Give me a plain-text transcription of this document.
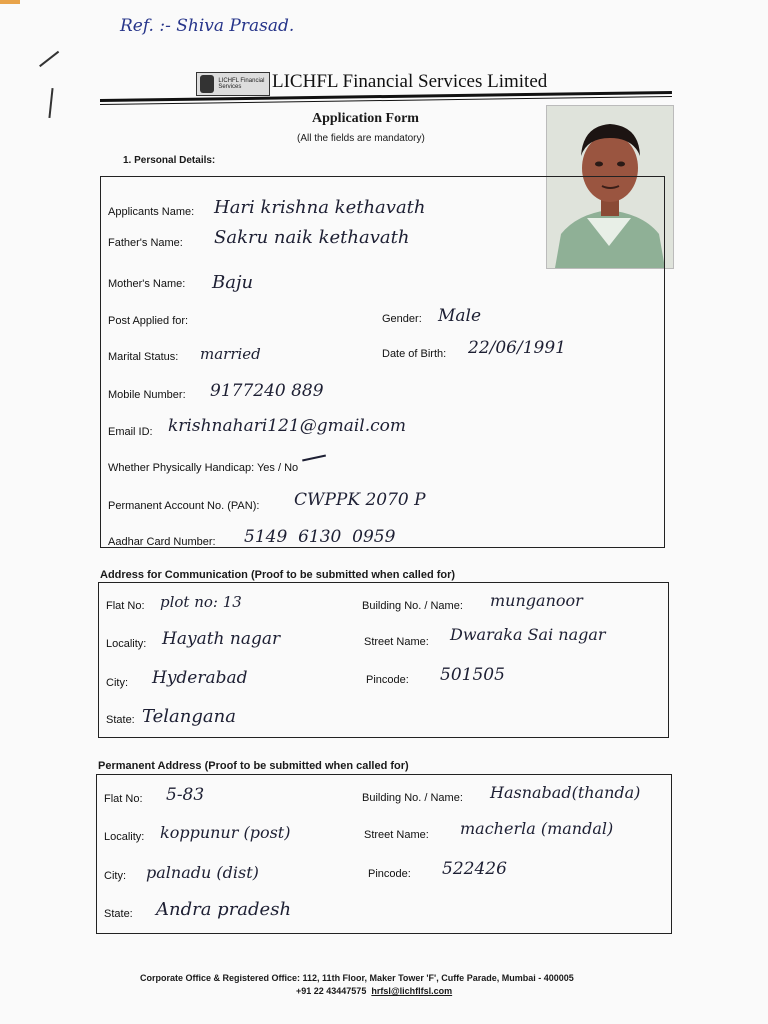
Ref. :- Shiva Prasad.
LICHFL Financial Services	LICHFL Financial Services Limited
Application Form
(All the fields are mandatory)
1. Personal Details:
Applicants Name: Hari krishna kethavath
Father's Name: Sakru naik kethavath
Mother's Name: Baju
Post Applied for:	Gender: Male
Marital Status: married	Date of Birth: 22/06/1991
Mobile Number: 9177240 889
Email ID: krishnahari121@gmail.com
Whether Physically Handicap: Yes / No
Permanent Account No. (PAN): CWPPK 2070 P
Aadhar Card Number: 5149  6130  0959
Address for Communication (Proof to be submitted when called for)
Flat No: plot no: 13	Building No. / Name: munganoor
Locality: Hayath nagar	Street Name: Dwaraka Sai nagar
City: Hyderabad	Pincode: 501505
State: Telangana
Permanent Address (Proof to be submitted when called for)
Flat No: 5-83	Building No. / Name: Hasnabad(thanda)
Locality: koppunur (post)	Street Name: macherla (mandal)
City: palnadu (dist)	Pincode: 522426
State: Andra pradesh
Corporate Office & Registered Office: 112, 11th Floor, Maker Tower 'F', Cuffe Parade, Mumbai - 400005
+91 22 43447575 hrfsl@lichflfsl.com
